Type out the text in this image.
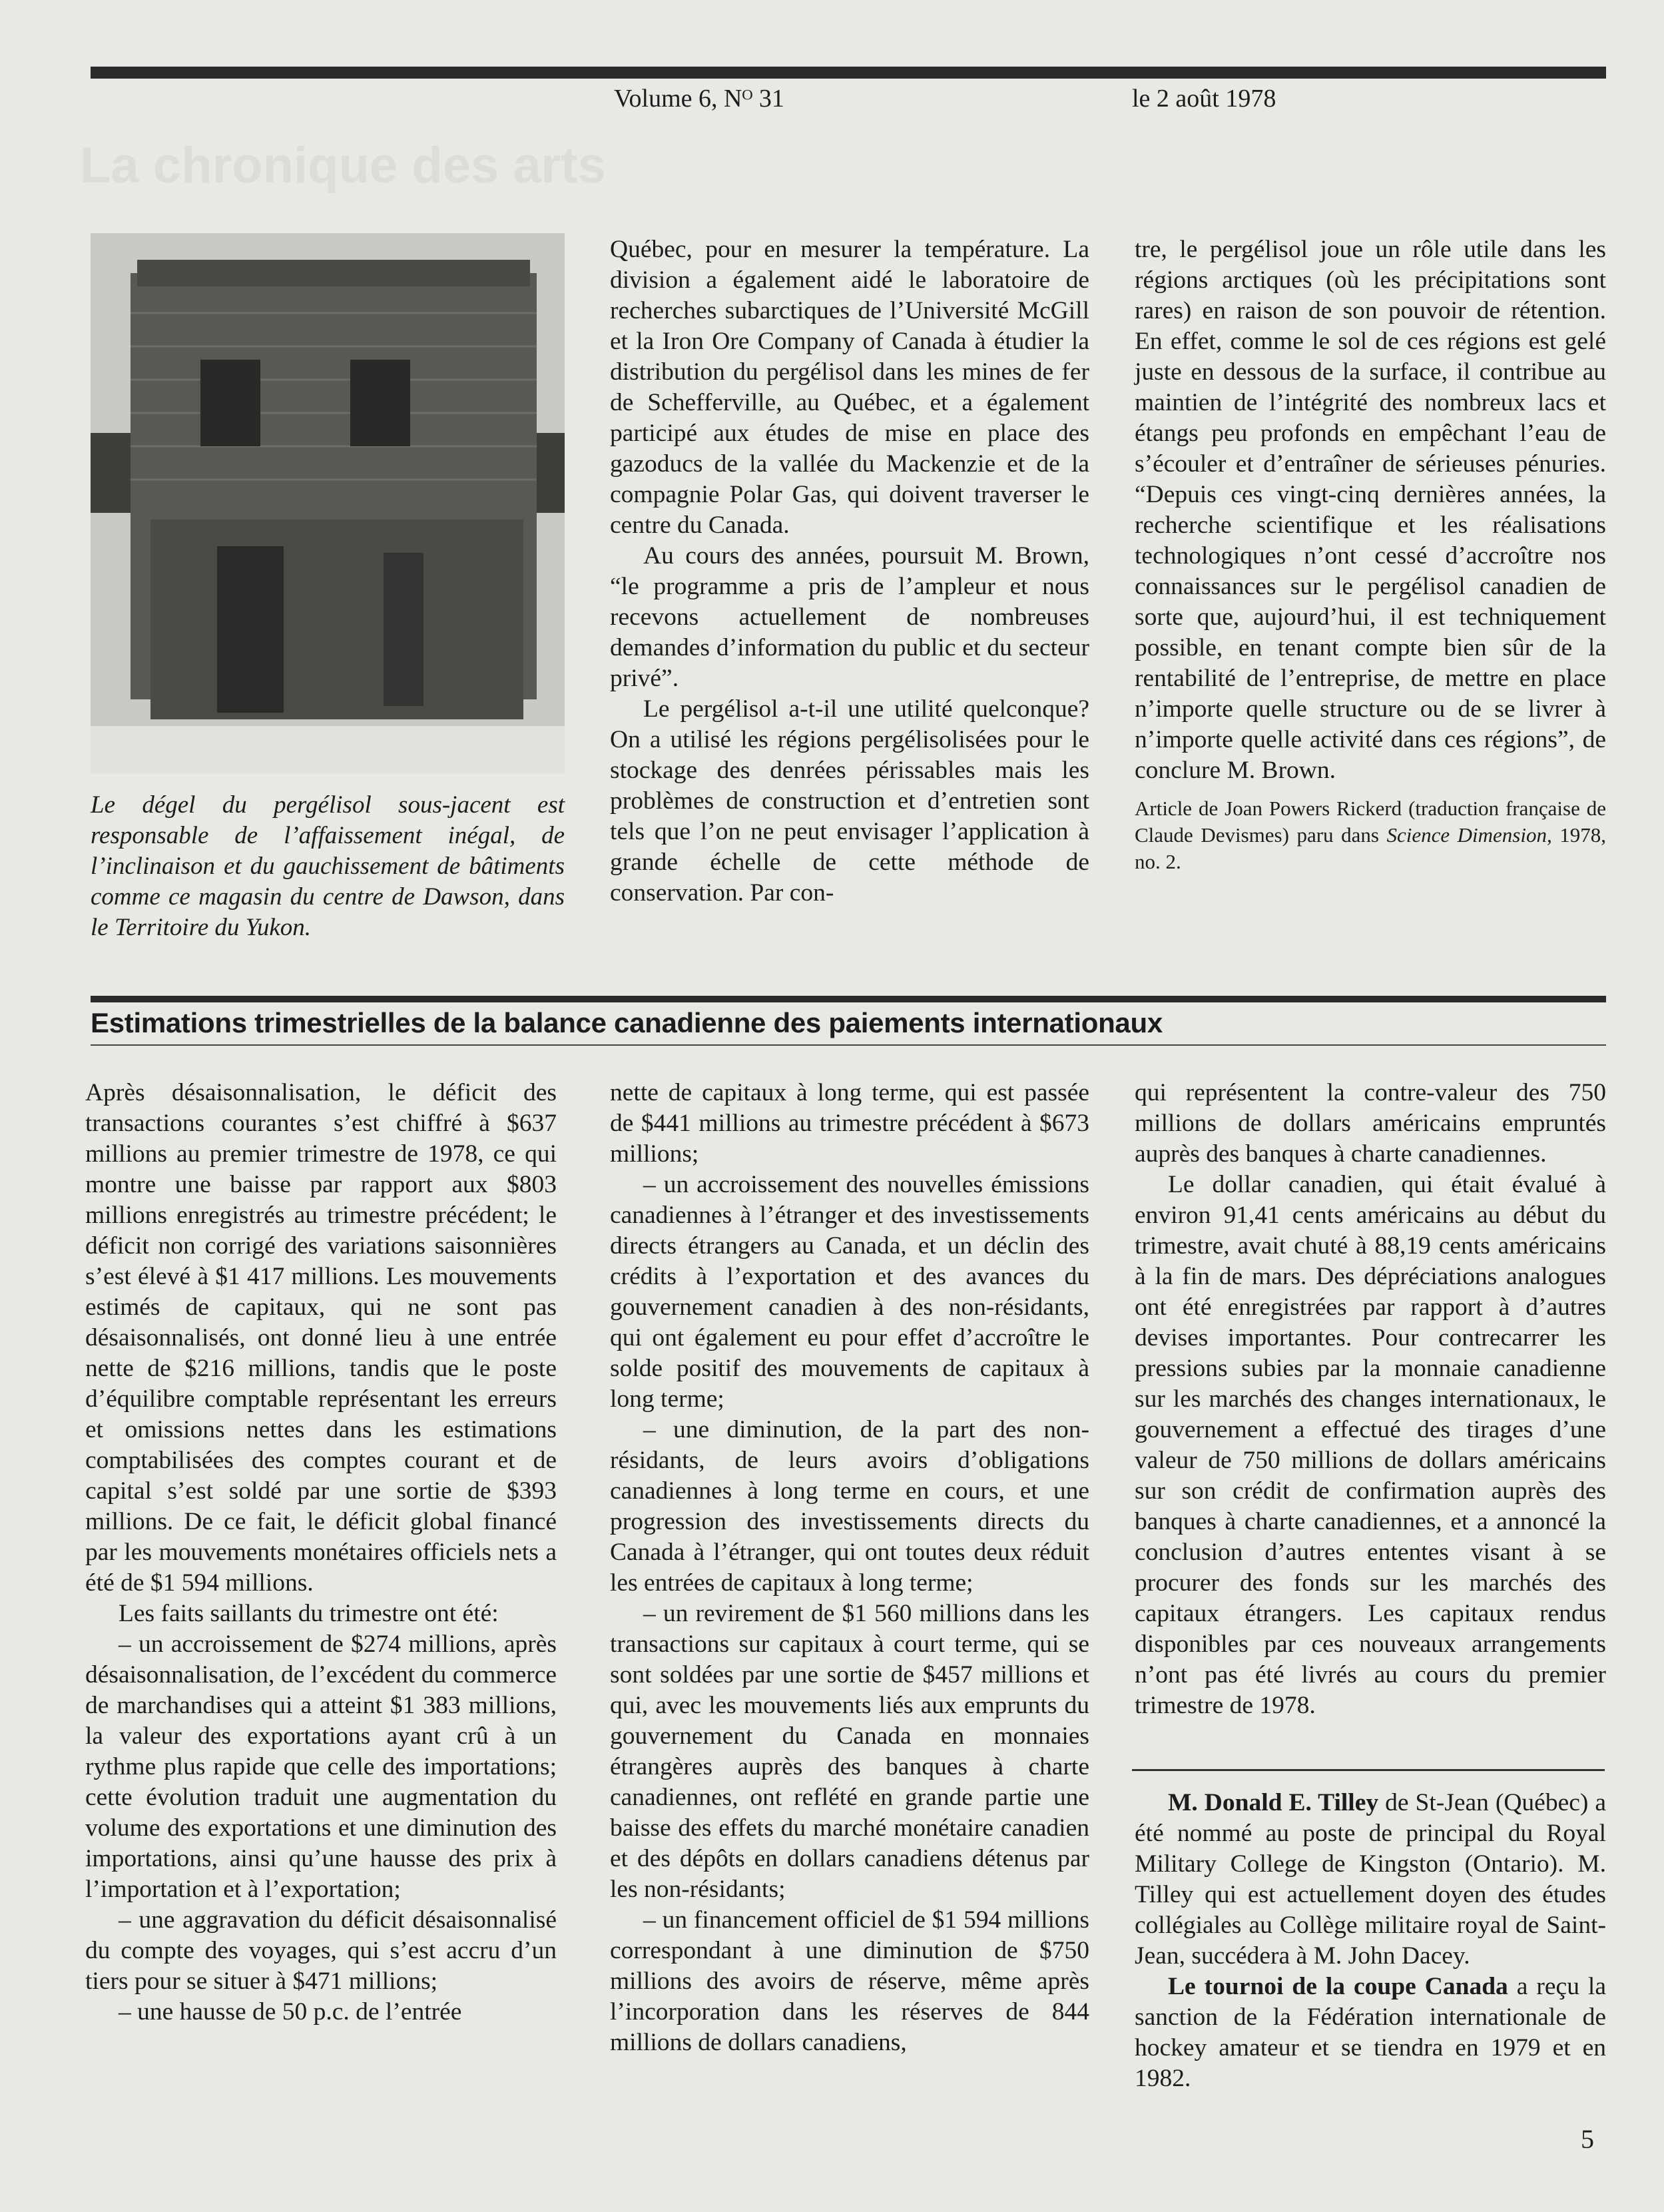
Volume 6, Nᴼ 31	le 2 août 1978
La chronique des arts
Le dégel du pergélisol sous-jacent est responsable de l’affaissement inégal, de l’inclinaison et du gauchissement de bâtiments comme ce magasin du centre de Dawson, dans le Territoire du Yukon.

Québec, pour en mesurer la température. La division a également aidé le laboratoire de recherches subarctiques de l’Université McGill et la Iron Ore Company of Canada à étudier la distribution du pergélisol dans les mines de fer de Schefferville, au Québec, et a également participé aux études de mise en place des gazoducs de la vallée du Mackenzie et de la compagnie Polar Gas, qui doivent traverser le centre du Canada.

Au cours des années, poursuit M. Brown, “le programme a pris de l’ampleur et nous recevons actuellement de nombreuses demandes d’information du public et du secteur privé”.

Le pergélisol a-t-il une utilité quelconque? On a utilisé les régions pergélisolisées pour le stockage des denrées périssables mais les problèmes de construction et d’entretien sont tels que l’on ne peut envisager l’application à grande échelle de cette méthode de conservation. Par con-

tre, le pergélisol joue un rôle utile dans les régions arctiques (où les précipitations sont rares) en raison de son pouvoir de rétention. En effet, comme le sol de ces régions est gelé juste en dessous de la surface, il contribue au maintien de l’intégrité des nombreux lacs et étangs peu profonds en empêchant l’eau de s’écouler et d’entraîner de sérieuses pénuries. “Depuis ces vingt-cinq dernières années, la recherche scientifique et les réalisations technologiques n’ont cessé d’accroître nos connaissances sur le pergélisol canadien de sorte que, aujourd’hui, il est techniquement possible, en tenant compte bien sûr de la rentabilité de l’entreprise, de mettre en place n’importe quelle structure ou de se livrer à n’importe quelle activité dans ces régions”, de conclure M. Brown.

Article de Joan Powers Rickerd (traduction française de Claude Devismes) paru dans Science Dimension, 1978, no. 2.

Estimations trimestrielles de la balance canadienne des paiements internationaux

Après désaisonnalisation, le déficit des transactions courantes s’est chiffré à $637 millions au premier trimestre de 1978, ce qui montre une baisse par rapport aux $803 millions enregistrés au trimestre précédent; le déficit non corrigé des variations saisonnières s’est élevé à $1 417 millions. Les mouvements estimés de capitaux, qui ne sont pas désaisonnalisés, ont donné lieu à une entrée nette de $216 millions, tandis que le poste d’équilibre comptable représentant les erreurs et omissions nettes dans les estimations comptabilisées des comptes courant et de capital s’est soldé par une sortie de $393 millions. De ce fait, le déficit global financé par les mouvements monétaires officiels nets a été de $1 594 millions.

Les faits saillants du trimestre ont été:

– un accroissement de $274 millions, après désaisonnalisation, de l’excédent du commerce de marchandises qui a atteint $1 383 millions, la valeur des exportations ayant crû à un rythme plus rapide que celle des importations; cette évolution traduit une augmentation du volume des exportations et une diminution des importations, ainsi qu’une hausse des prix à l’importation et à l’exportation;

– une aggravation du déficit désaisonnalisé du compte des voyages, qui s’est accru d’un tiers pour se situer à $471 millions;

– une hausse de 50 p.c. de l’entrée

nette de capitaux à long terme, qui est passée de $441 millions au trimestre précédent à $673 millions;

– un accroissement des nouvelles émissions canadiennes à l’étranger et des investissements directs étrangers au Canada, et un déclin des crédits à l’exportation et des avances du gouvernement canadien à des non-résidants, qui ont également eu pour effet d’accroître le solde positif des mouvements de capitaux à long terme;

– une diminution, de la part des non-résidants, de leurs avoirs d’obligations canadiennes à long terme en cours, et une progression des investissements directs du Canada à l’étranger, qui ont toutes deux réduit les entrées de capitaux à long terme;

– un revirement de $1 560 millions dans les transactions sur capitaux à court terme, qui se sont soldées par une sortie de $457 millions et qui, avec les mouvements liés aux emprunts du gouvernement du Canada en monnaies étrangères auprès des banques à charte canadiennes, ont reflété en grande partie une baisse des effets du marché monétaire canadien et des dépôts en dollars canadiens détenus par les non-résidants;

– un financement officiel de $1 594 millions correspondant à une diminution de $750 millions des avoirs de réserve, même après l’incorporation dans les réserves de 844 millions de dollars canadiens,

qui représentent la contre-valeur des 750 millions de dollars américains empruntés auprès des banques à charte canadiennes.

Le dollar canadien, qui était évalué à environ 91,41 cents américains au début du trimestre, avait chuté à 88,19 cents américains à la fin de mars. Des dépréciations analogues ont été enregistrées par rapport à d’autres devises importantes. Pour contrecarrer les pressions subies par la monnaie canadienne sur les marchés des changes internationaux, le gouvernement a effectué des tirages d’une valeur de 750 millions de dollars américains sur son crédit de confirmation auprès des banques à charte canadiennes, et a annoncé la conclusion d’autres ententes visant à se procurer des fonds sur les marchés des capitaux étrangers. Les capitaux rendus disponibles par ces nouveaux arrangements n’ont pas été livrés au cours du premier trimestre de 1978.

M. Donald E. Tilley de St-Jean (Québec) a été nommé au poste de principal du Royal Military College de Kingston (Ontario). M. Tilley qui est actuellement doyen des études collégiales au Collège militaire royal de Saint-Jean, succédera à M. John Dacey.

Le tournoi de la coupe Canada a reçu la sanction de la Fédération internationale de hockey amateur et se tiendra en 1979 et en 1982.

5
